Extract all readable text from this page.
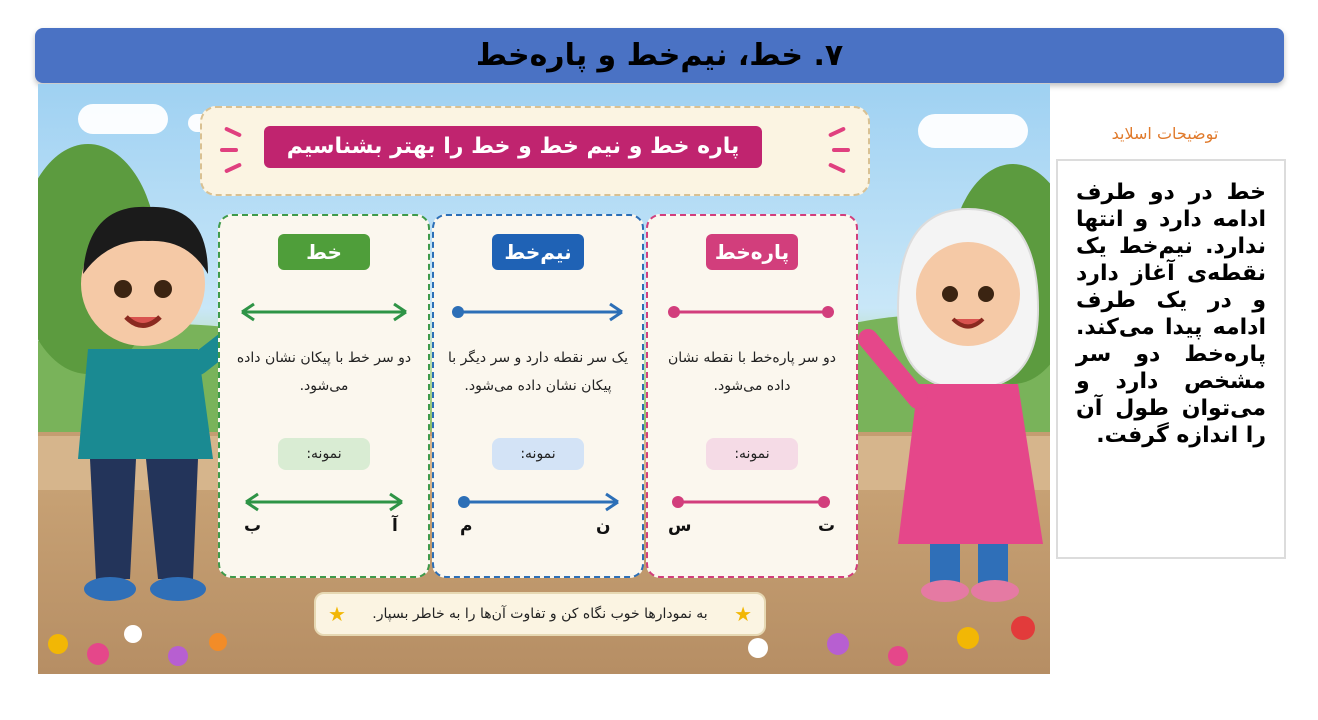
۷. خط، نیم‌خط و پاره‌خط
پاره خط و نیم خط و خط را بهتر بشناسیم
خط
دو سر خط با پیکان نشان داده می‌شود.
نمونه:
ب	آ
نیم‌خط
یک سر نقطه دارد و سر دیگر با پیکان نشان داده می‌شود.
نمونه:
م	ن
پاره‌خط
دو سر پاره‌خط با نقطه نشان داده می‌شود.
نمونه:
س	ت
★
به نمودارها خوب نگاه کن و تفاوت آن‌ها را به خاطر بسپار.
★
توضیحات اسلاید
خط در دو طرف ادامه دارد و انتها ندارد. نیم‌خط یک نقطه‌ی آغاز دارد و در یک طرف ادامه پیدا می‌کند. پاره‌خط دو سر مشخص دارد و می‌توان طول آن را اندازه گرفت.
